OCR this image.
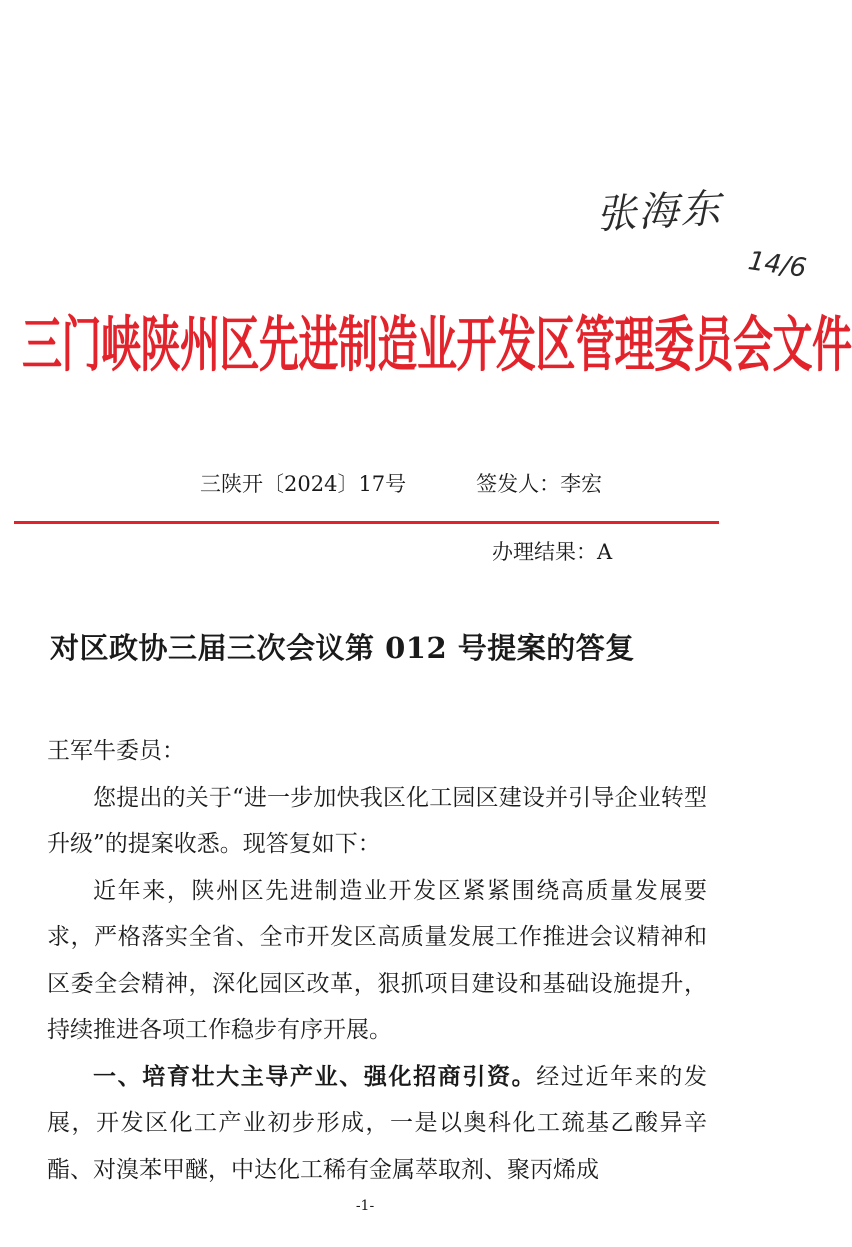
张海东
14/6
三门峡陕州区先进制造业开发区管理委员会文件
三陕开〔2024〕17号	签发人：李宏
办理结果：A
对区政协三届三次会议第 012 号提案的答复

王军牛委员：

您提出的关于“进一步加快我区化工园区建设并引导企业转型升级”的提案收悉。现答复如下：

近年来，陕州区先进制造业开发区紧紧围绕高质量发展要求，严格落实全省、全市开发区高质量发展工作推进会议精神和区委全会精神，深化园区改革，狠抓项目建设和基础设施提升，持续推进各项工作稳步有序开展。

一、培育壮大主导产业、强化招商引资。经过近年来的发展，开发区化工产业初步形成，一是以奥科化工巯基乙酸异辛酯、对溴苯甲醚，中达化工稀有金属萃取剂、聚丙烯成

-1-
